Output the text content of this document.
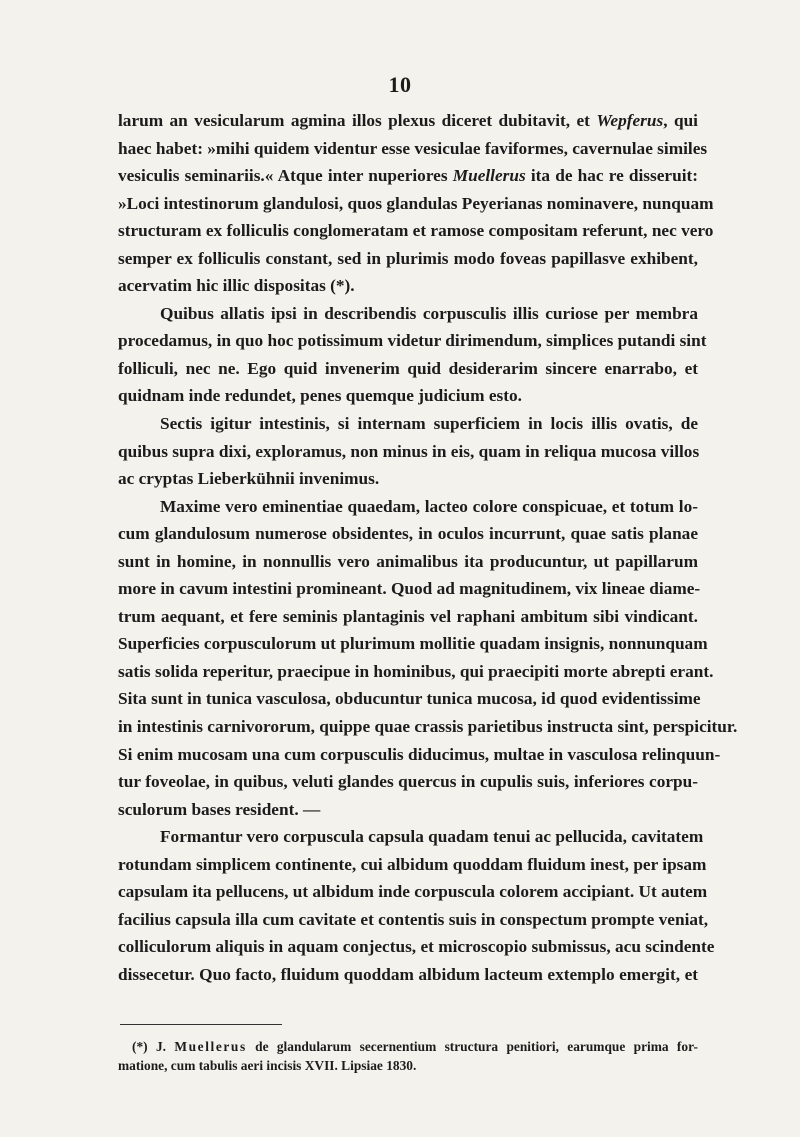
10
larum an vesicularum agmina illos plexus diceret dubitavit, et Wepferus, qui
haec habet: »mihi quidem videntur esse vesiculae faviformes, cavernulae similes
vesiculis seminariis.« Atque inter nuperiores Muellerus ita de hac re disseruit:
»Loci intestinorum glandulosi, quos glandulas Peyerianas nominavere, nunquam
structuram ex folliculis conglomeratam et ramose compositam referunt, nec vero
semper ex folliculis constant, sed in plurimis modo foveas papillasve exhibent,
acervatim hic illic dispositas (*).
Quibus allatis ipsi in describendis corpusculis illis curiose per membra
procedamus, in quo hoc potissimum videtur dirimendum, simplices putandi sint
folliculi, nec ne. Ego quid invenerim quid desiderarim sincere enarrabo, et
quidnam inde redundet, penes quemque judicium esto.
Sectis igitur intestinis, si internam superficiem in locis illis ovatis, de
quibus supra dixi, exploramus, non minus in eis, quam in reliqua mucosa villos
ac cryptas Lieberkühnii invenimus.
Maxime vero eminentiae quaedam, lacteo colore conspicuae, et totum lo-
cum glandulosum numerose obsidentes, in oculos incurrunt, quae satis planae
sunt in homine, in nonnullis vero animalibus ita producuntur, ut papillarum
more in cavum intestini promineant. Quod ad magnitudinem, vix lineae diame-
trum aequant, et fere seminis plantaginis vel raphani ambitum sibi vindicant.
Superficies corpusculorum ut plurimum mollitie quadam insignis, nonnunquam
satis solida reperitur, praecipue in hominibus, qui praecipiti morte abrepti erant.
Sita sunt in tunica vasculosa, obducuntur tunica mucosa, id quod evidentissime
in intestinis carnivororum, quippe quae crassis parietibus instructa sint, perspicitur.
Si enim mucosam una cum corpusculis diducimus, multae in vasculosa relinquun-
tur foveolae, in quibus, veluti glandes quercus in cupulis suis, inferiores corpu-
sculorum bases resident. —
Formantur vero corpuscula capsula quadam tenui ac pellucida, cavitatem
rotundam simplicem continente, cui albidum quoddam fluidum inest, per ipsam
capsulam ita pellucens, ut albidum inde corpuscula colorem accipiant. Ut autem
facilius capsula illa cum cavitate et contentis suis in conspectum prompte veniat,
colliculorum aliquis in aquam conjectus, et microscopio submissus, acu scindente
dissecetur. Quo facto, fluidum quoddam albidum lacteum extemplo emergit, et
(*) J. Muellerus de glandularum secernentium structura penitiori, earumque prima for-
matione, cum tabulis aeri incisis XVII. Lipsiae 1830.
